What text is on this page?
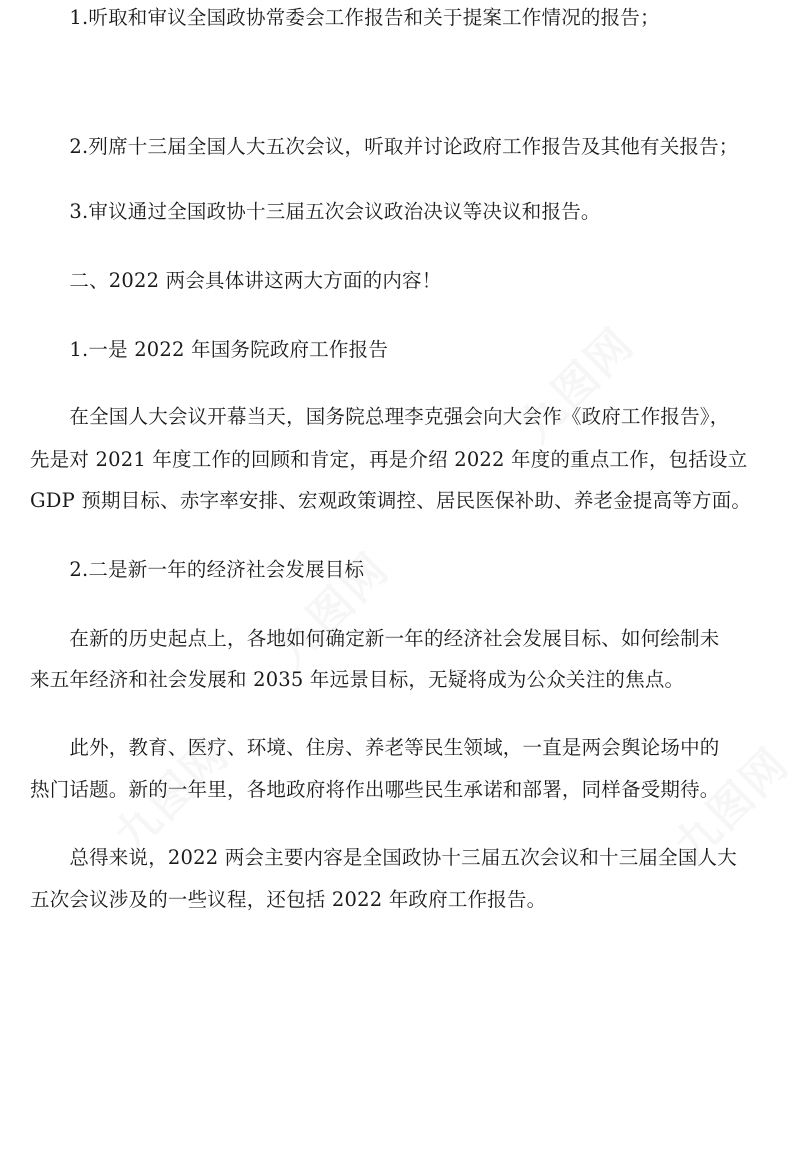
九图网
九图网
九图网
九图网
　　1.听取和审议全国政协常委会工作报告和关于提案工作情况的报告；
　　2.列席十三届全国人大五次会议，听取并讨论政府工作报告及其他有关报告；
　　3.审议通过全国政协十三届五次会议政治决议等决议和报告。
　　二、2022 两会具体讲这两大方面的内容！
　　1.一是 2022 年国务院政府工作报告
　　在全国人大会议开幕当天，国务院总理李克强会向大会作《政府工作报告》，
先是对 2021 年度工作的回顾和肯定，再是介绍 2022 年度的重点工作，包括设立
GDP 预期目标、赤字率安排、宏观政策调控、居民医保补助、养老金提高等方面。
　　2.二是新一年的经济社会发展目标
　　在新的历史起点上，各地如何确定新一年的经济社会发展目标、如何绘制未
来五年经济和社会发展和 2035 年远景目标，无疑将成为公众关注的焦点。
　　此外，教育、医疗、环境、住房、养老等民生领域，一直是两会舆论场中的
热门话题。新的一年里，各地政府将作出哪些民生承诺和部署，同样备受期待。
　　总得来说，2022 两会主要内容是全国政协十三届五次会议和十三届全国人大
五次会议涉及的一些议程，还包括 2022 年政府工作报告。
